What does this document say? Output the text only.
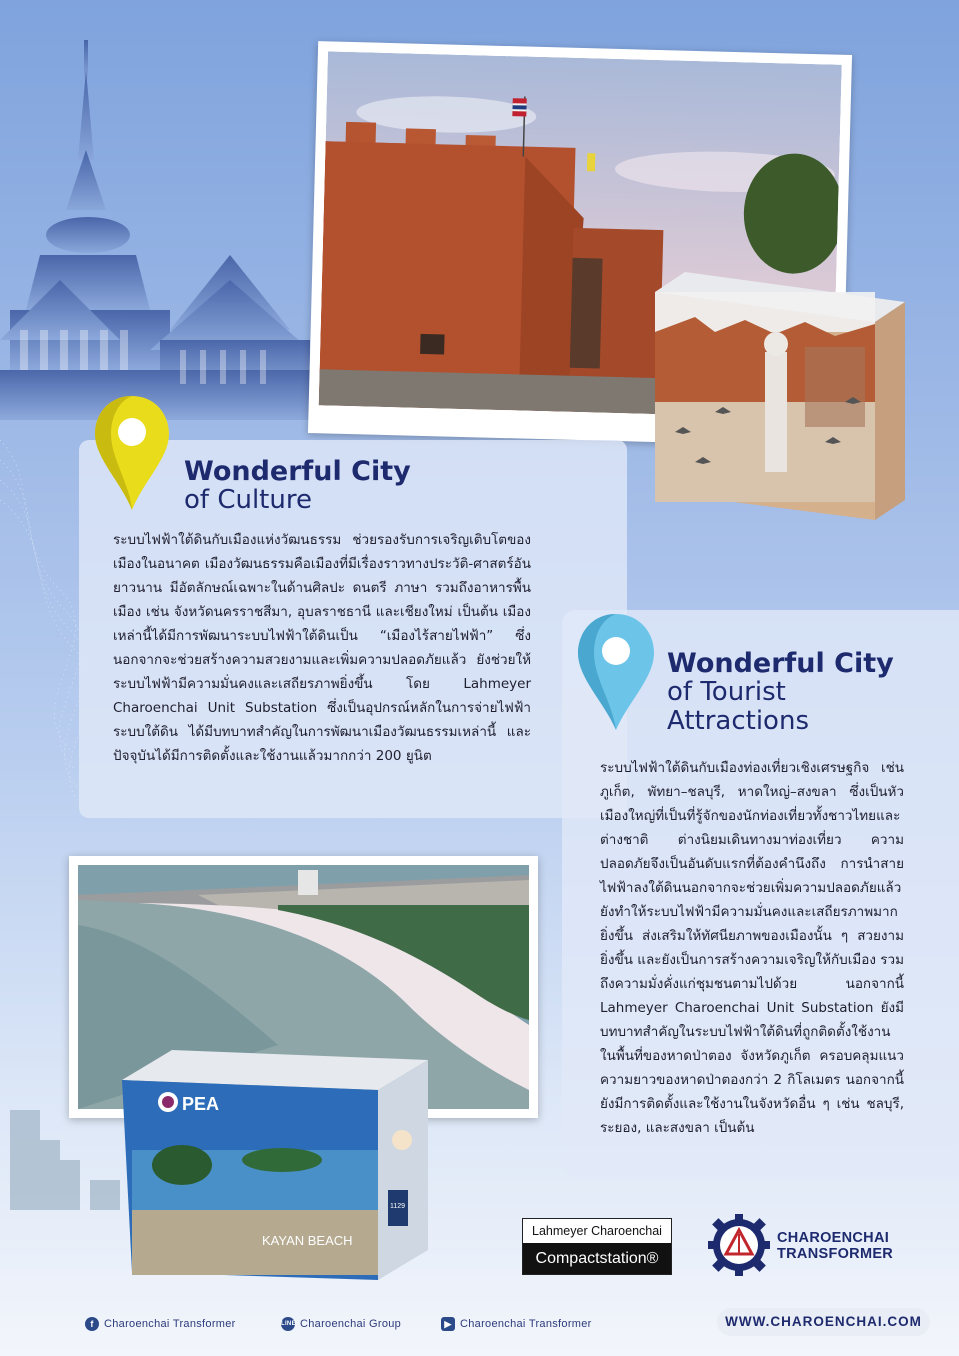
Wonderful City
of Culture
ระบบไฟฟ้าใต้ดินกับเมืองแห่งวัฒนธรรม ช่วยรองรับการเจริญเติบโตของเมืองในอนาคต เมืองวัฒนธรรมคือเมืองที่มีเรื่องราวทางประวัติ-ศาสตร์อันยาวนาน มีอัตลักษณ์เฉพาะในด้านศิลปะ ดนตรี ภาษา รวมถึงอาหารพื้นเมือง เช่น จังหวัดนครราชสีมา, อุบลราชธานี และเชียงใหม่ เป็นต้น เมืองเหล่านี้ได้มีการพัฒนาระบบไฟฟ้าใต้ดินเป็น “เมืองไร้สายไฟฟ้า” ซึ่งนอกจากจะช่วยสร้างความสวยงามและเพิ่มความปลอดภัยแล้ว ยังช่วยให้ระบบไฟฟ้ามีความมั่นคงและเสถียรภาพยิ่งขึ้น โดย Lahmeyer Charoenchai Unit Substation ซึ่งเป็นอุปกรณ์หลักในการจ่ายไฟฟ้าระบบใต้ดิน ได้มีบทบาทสำคัญในการพัฒนาเมืองวัฒนธรรมเหล่านี้ และปัจจุบันได้มีการติดตั้งและใช้งานแล้วมากกว่า 200 ยูนิต
Wonderful City
of Tourist
Attractions
ระบบไฟฟ้าใต้ดินกับเมืองท่องเที่ยวเชิงเศรษฐกิจ เช่น ภูเก็ต, พัทยา–ชลบุรี, หาดใหญ่–สงขลา ซึ่งเป็นหัวเมืองใหญ่ที่เป็นที่รู้จักของนักท่องเที่ยวทั้งชาวไทยและต่างชาติ ต่างนิยมเดินทางมาท่องเที่ยว ความปลอดภัยจึงเป็นอันดับแรกที่ต้องคำนึงถึง การนำสายไฟฟ้าลงใต้ดินนอกจากจะช่วยเพิ่มความปลอดภัยแล้ว ยังทำให้ระบบไฟฟ้ามีความมั่นคงและเสถียรภาพมากยิ่งขึ้น ส่งเสริมให้ทัศนียภาพของเมืองนั้น ๆ สวยงามยิ่งขึ้น และยังเป็นการสร้างความเจริญให้กับเมือง รวมถึงความมั่งคั่งแก่ชุมชนตามไปด้วย นอกจากนี้ Lahmeyer Charoenchai Unit Substation ยังมีบทบาทสำคัญในระบบไฟฟ้าใต้ดินที่ถูกติดตั้งใช้งานในพื้นที่ของหาดป่าตอง จังหวัดภูเก็ต ครอบคลุมแนวความยาวของหาดป่าตองกว่า 2 กิโลเมตร นอกจากนี้ ยังมีการติดตั้งและใช้งานในจังหวัดอื่น ๆ เช่น ชลบุรี, ระยอง, และสงขลา เป็นต้น
PEA
KAYAN BEACH
1129
Lahmeyer Charoenchai
Compactstation®
CHAROENCHAI
TRANSFORMER
f Charoenchai Transformer	LINE Charoenchai Group	▶ Charoenchai Transformer	WWW.CHAROENCHAI.COM
